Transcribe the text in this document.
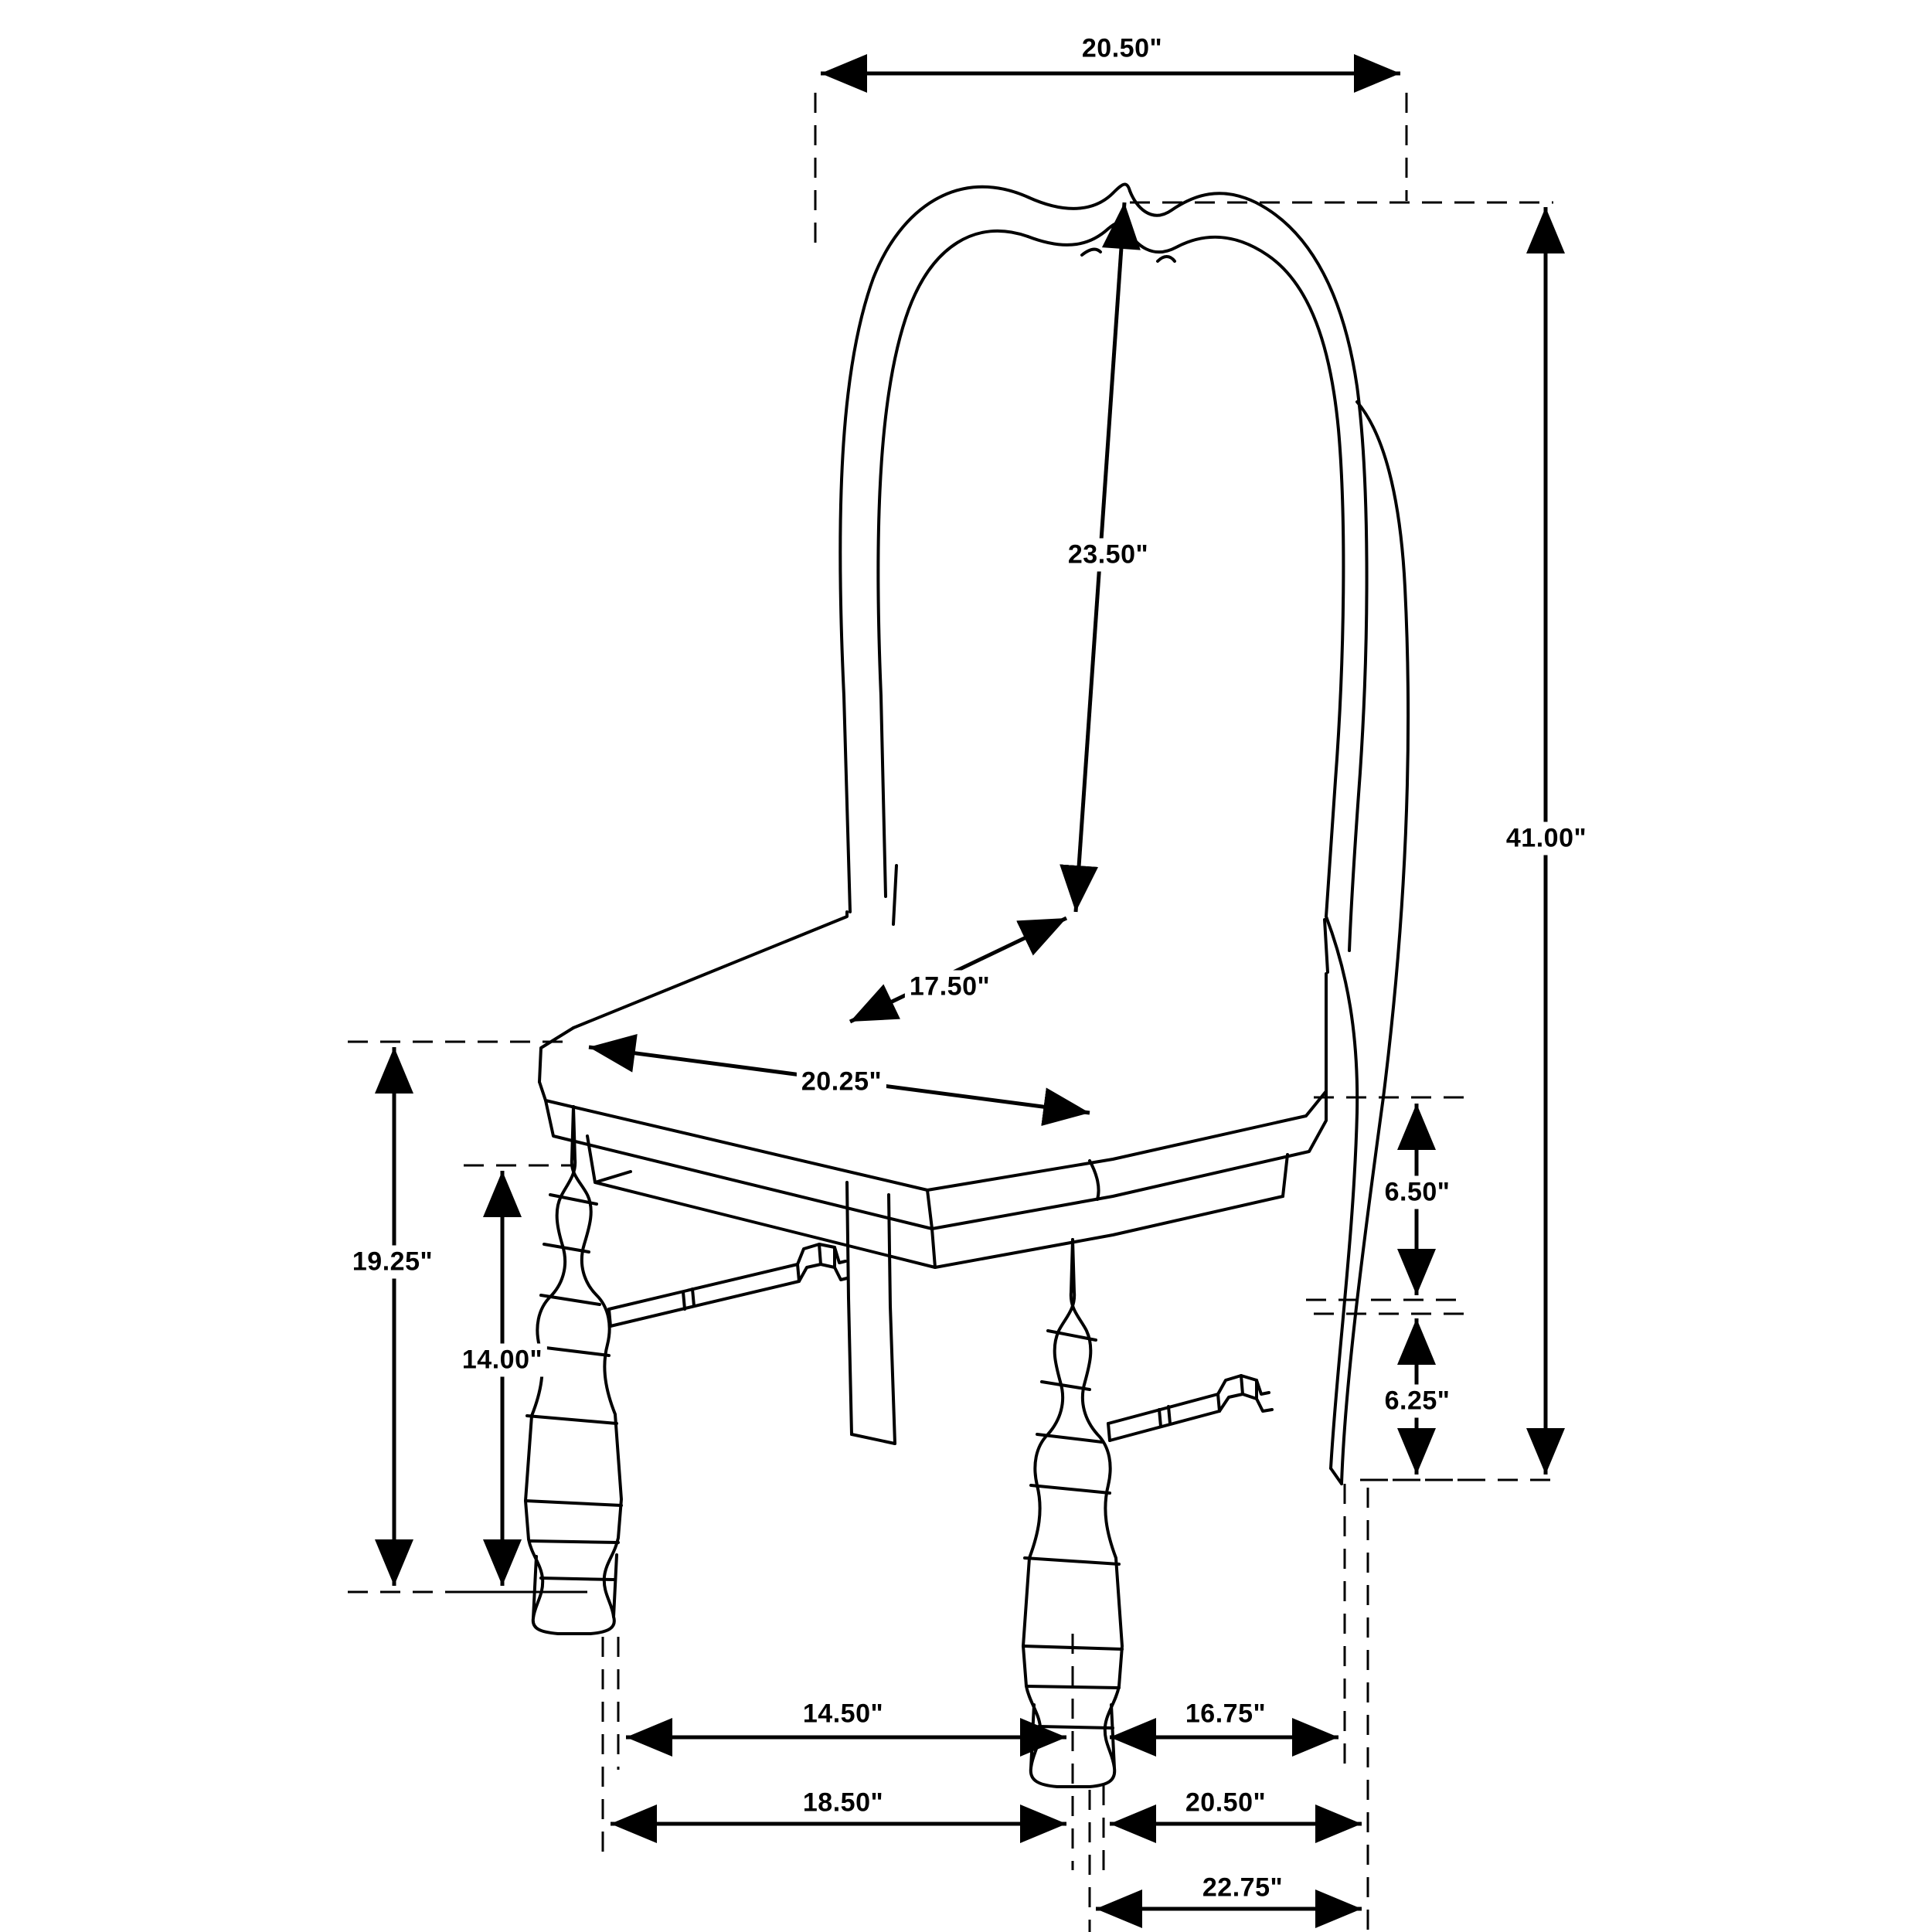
20.50"
41.00"
23.50"
17.50"
20.25"
19.25"
14.00"
6.50"
6.25"
14.50"	16.75"
18.50"	20.50"
22.75"
